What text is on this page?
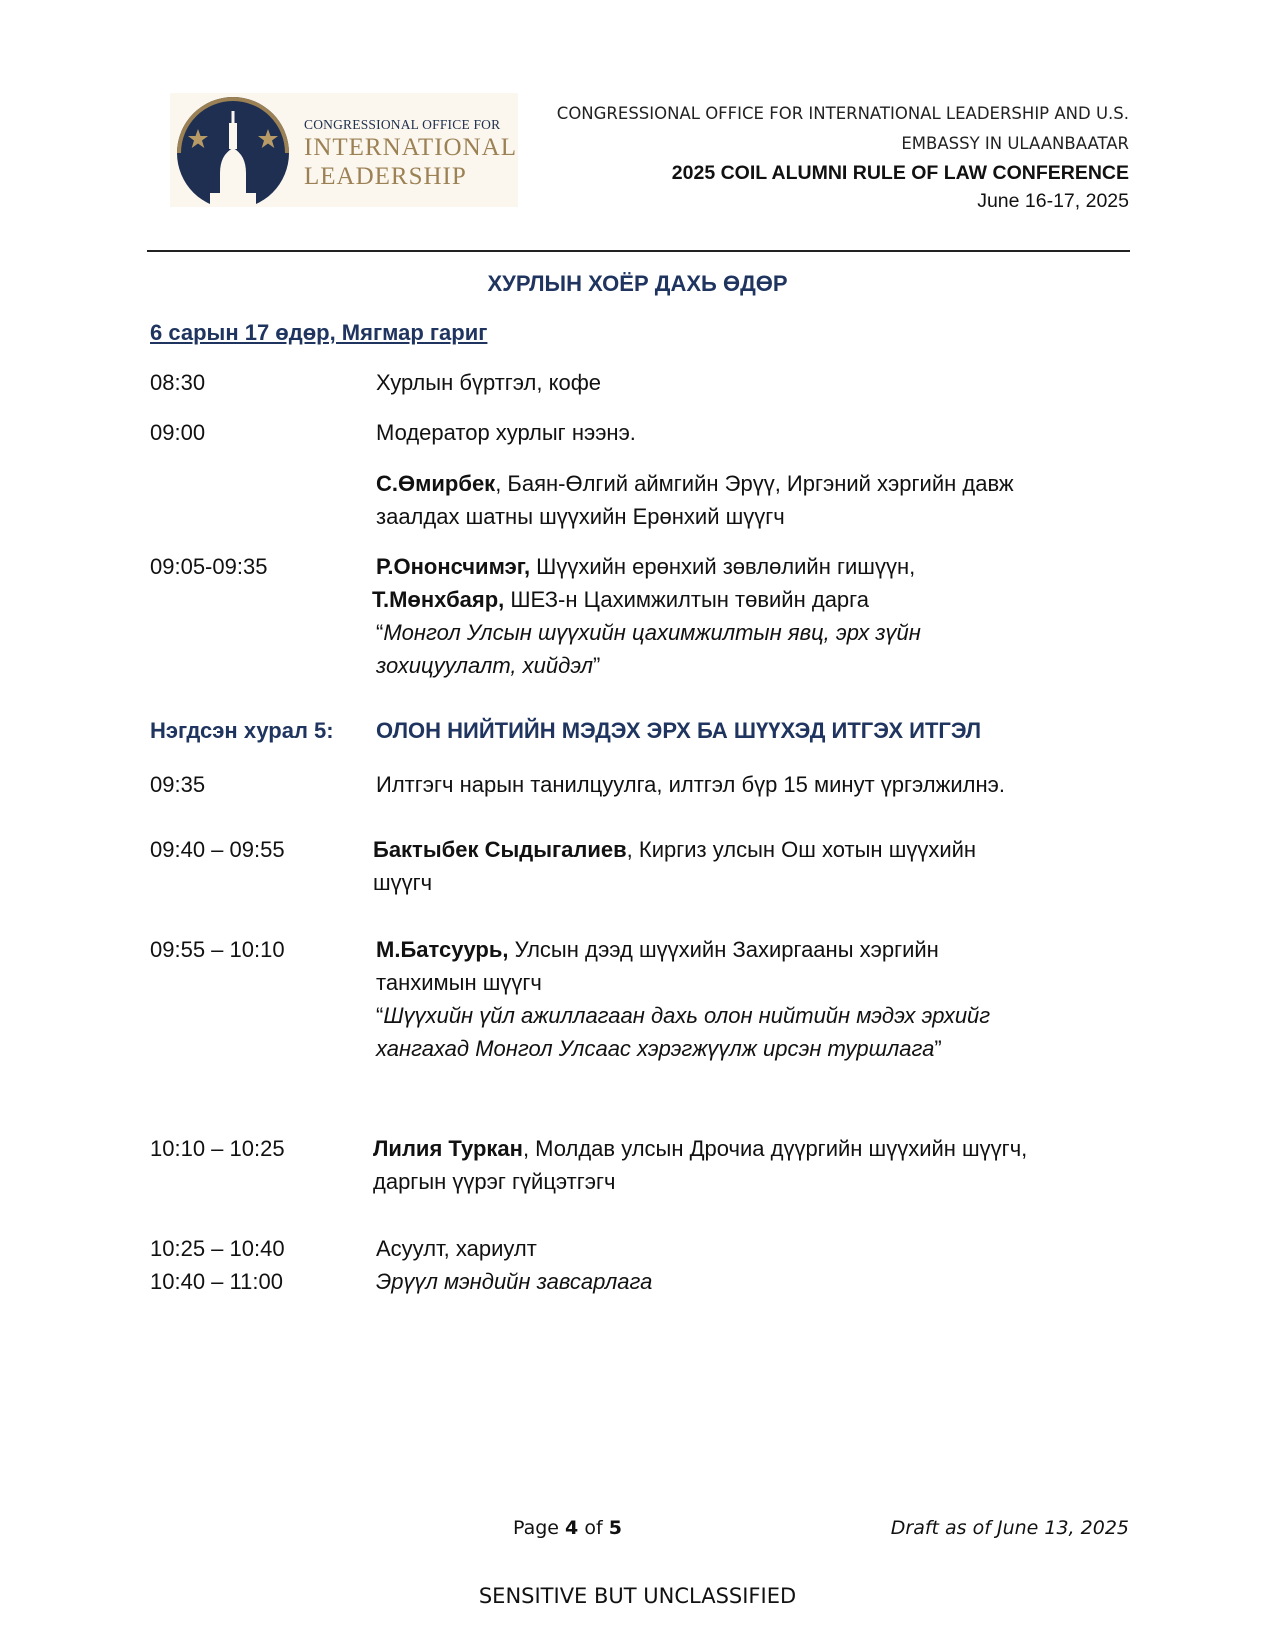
CONGRESSIONAL OFFICE FOR
INTERNATIONAL
LEADERSHIP
CONGRESSIONAL OFFICE FOR INTERNATIONAL LEADERSHIP AND U.S.
EMBASSY IN ULAANBAATAR
2025 COIL ALUMNI RULE OF LAW CONFERENCE
June 16-17, 2025
ХУРЛЫН ХОЁР ДАХЬ ӨДӨР
6 сарын 17 өдөр, Мягмар гариг
08:30	Хурлын бүртгэл, кофе
09:00	Модератор хурлыг нээнэ.
С.Өмирбек, Баян-Өлгий аймгийн Эрүү, Иргэний хэргийн давж
заалдах шатны шүүхийн Ерөнхий шүүгч
09:05-09:35	Р.Ононсчимэг, Шүүхийн ерөнхий зөвлөлийн гишүүн,
Т.Мөнхбаяр, ШЕЗ-н Цахимжилтын төвийн дарга
“Монгол Улсын шүүхийн цахимжилтын явц, эрх зүйн
зохицуулалт, хийдэл”
Нэгдсэн хурал 5: ОЛОН НИЙТИЙН МЭДЭХ ЭРХ БА ШҮҮХЭД ИТГЭХ ИТГЭЛ
09:35	Илтгэгч нарын танилцуулга, илтгэл бүр 15 минут үргэлжилнэ.
09:40 – 09:55	Бактыбек Сыдыгалиев, Киргиз улсын Ош хотын шүүхийн
шүүгч
09:55 – 10:10	М.Батсуурь, Улсын дээд шүүхийн Захиргааны хэргийн
танхимын шүүгч
“Шүүхийн үйл ажиллагаан дахь олон нийтийн мэдэх эрхийг
хангахад Монгол Улсаас хэрэгжүүлж ирсэн туршлага”
10:10 – 10:25	Лилия Туркан, Молдав улсын Дрочиа дүүргийн шүүхийн шүүгч,
даргын үүрэг гүйцэтгэгч
10:25 – 10:40	Асуулт, хариулт
10:40 – 11:00	Эрүүл мэндийн завсарлага
Page 4 of 5	Draft as of June 13, 2025
SENSITIVE BUT UNCLASSIFIED
